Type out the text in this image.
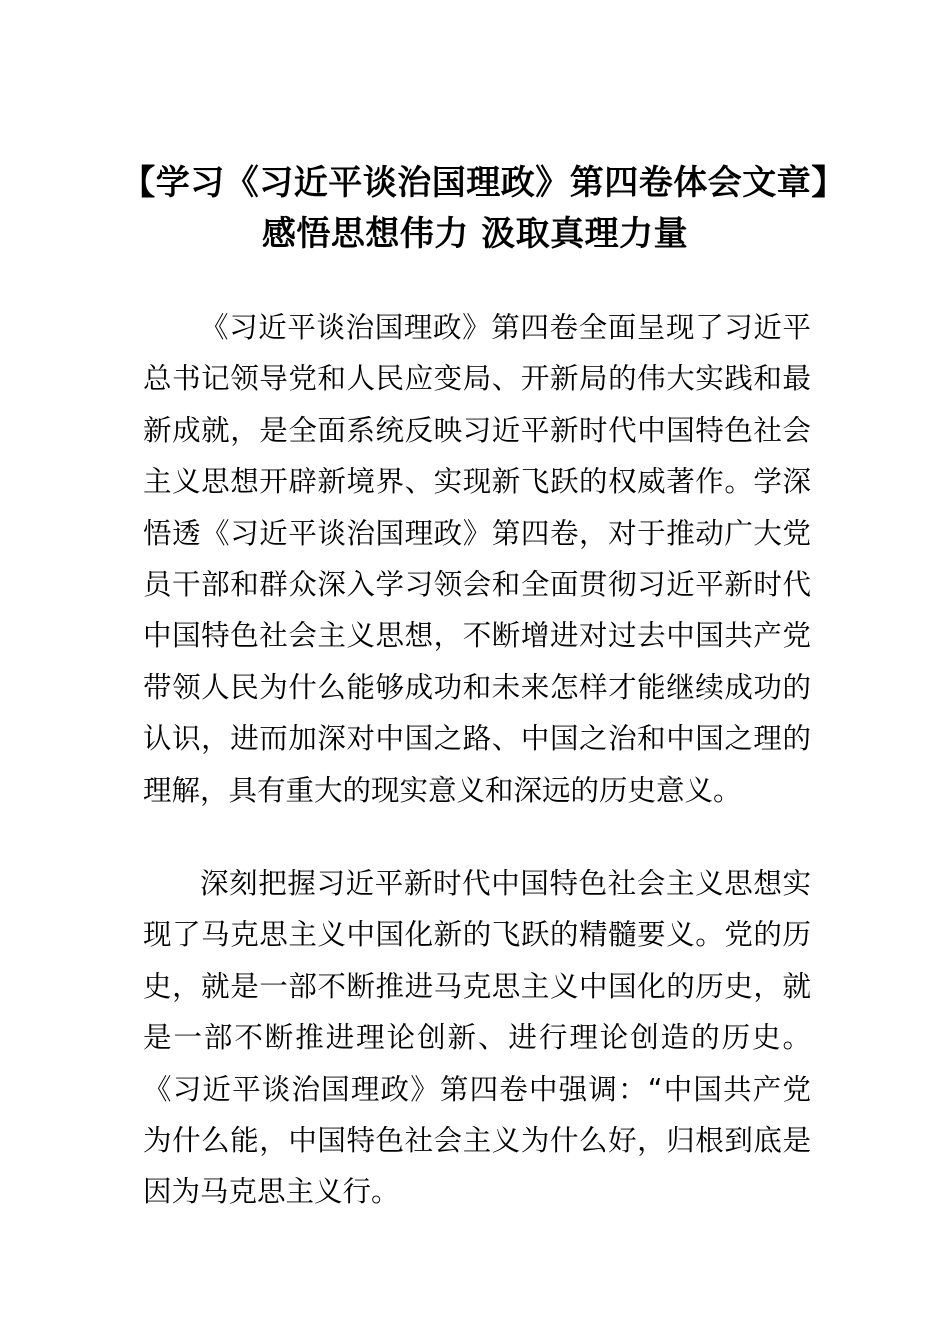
【学习《习近平谈治国理政》第四卷体会文章】感悟思想伟力 汲取真理力量

《习近平谈治国理政》第四卷全面呈现了习近平总书记领导党和人民应变局、开新局的伟大实践和最新成就，是全面系统反映习近平新时代中国特色社会主义思想开辟新境界、实现新飞跃的权威著作。学深悟透《习近平谈治国理政》第四卷，对于推动广大党员干部和群众深入学习领会和全面贯彻习近平新时代中国特色社会主义思想，不断增进对过去中国共产党带领人民为什么能够成功和未来怎样才能继续成功的认识，进而加深对中国之路、中国之治和中国之理的理解，具有重大的现实意义和深远的历史意义。

深刻把握习近平新时代中国特色社会主义思想实现了马克思主义中国化新的飞跃的精髓要义。党的历史，就是一部不断推进马克思主义中国化的历史，就是一部不断推进理论创新、进行理论创造的历史。《习近平谈治国理政》第四卷中强调：“中国共产党为什么能，中国特色社会主义为什么好，归根到底是因为马克思主义行。
